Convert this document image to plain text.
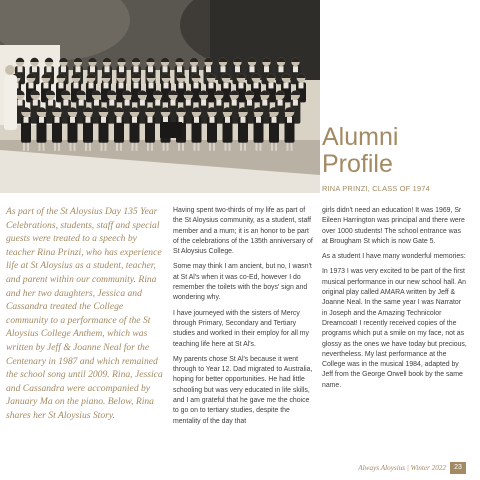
Alumni
Profile
RINA PRINZI, CLASS OF 1974
As part of the St Aloysius Day 135 Year Celebrations, students, staff and special guests were treated to a speech by teacher Rina Prinzi, who has experience life at St Aloysius as a student, teacher, and parent within our community. Rina and her two daughters, Jessica and Cassandra treated the College community to a performance of the St Aloysius College Anthem, which was written by Jeff & Joanne Neal for the Centenary in 1987 and which remained the school song until 2009. Rina, Jessica and Cassandra were accompanied by January Ma on the piano. Below, Rina shares her St Aloysius Story.

Having spent two-thirds of my life as part of the St Aloysius community, as a student, staff member and a mum; it is an honor to be part of the celebrations of the 135th anniversary of St Aloysius College.

Some may think I am ancient, but no, I wasn't at St Al's when it was co-Ed, however I do remember the toilets with the boys' sign and wondering why.

I have journeyed with the sisters of Mercy through Primary, Secondary and Tertiary studies and worked in their employ for all my teaching life here at St Al's.

My parents chose St Al's because it went through to Year 12. Dad migrated to Australia, hoping for better opportunities. He had little schooling but was very educated in life skills, and I am grateful that he gave me the choice to go on to tertiary studies, despite the mentality of the day that

girls didn't need an education! It was 1969, Sr Eileen Harrington was principal and there were over 1000 students! The school entrance was at Brougham St which is now Gate 5.

As a student I have many wonderful memories:

In 1973 I was very excited to be part of the first musical performance in our new school hall. An original play called AMARA written by Jeff & Joanne Neal. In the same year I was Narrator in Joseph and the Amazing Technicolor Dreamcoat! I recently received copies of the programs which put a smile on my face, not as glossy as the ones we have today but precious, nevertheless. My last performance at the College was in the musical 1984, adapted by Jeff from the George Orwell book by the same name.

Always Aloysius | Winter 2022	23
